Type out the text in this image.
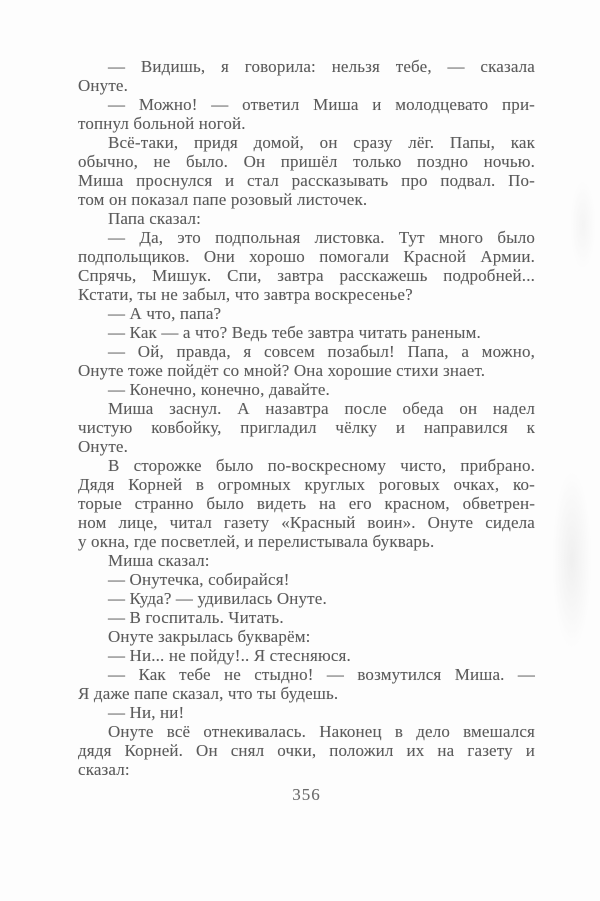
— Видишь, я говорила: нельзя тебе, — сказала
Онуте.
— Можно! — ответил Миша и молодцевато при-
топнул больной ногой.
Всё-таки, придя домой, он сразу лёг. Папы, как
обычно, не было. Он пришёл только поздно ночью.
Миша проснулся и стал рассказывать про подвал. По-
том он показал папе розовый листочек.
Папа сказал:
— Да, это подпольная листовка. Тут много было
подпольщиков. Они хорошо помогали Красной Армии.
Спрячь, Мишук. Спи, завтра расскажешь подробней...
Кстати, ты не забыл, что завтра воскресенье?
— А что, папа?
— Как — а что? Ведь тебе завтра читать раненым.
— Ой, правда, я совсем позабыл! Папа, а можно,
Онуте тоже пойдёт со мной? Она хорошие стихи знает.
— Конечно, конечно, давайте.
Миша заснул. А назавтра после обеда он надел
чистую ковбойку, пригладил чёлку и направился к
Онуте.
В сторожке было по-воскресному чисто, прибрано.
Дядя Корней в огромных круглых роговых очках, ко-
торые странно было видеть на его красном, обветрен-
ном лице, читал газету «Красный воин». Онуте сидела
у окна, где посветлей, и перелистывала букварь.
Миша сказал:
— Онутечка, собирайся!
— Куда? — удивилась Онуте.
— В госпиталь. Читать.
Онуте закрылась букварём:
— Ни... не пойду!.. Я стесняюся.
— Как тебе не стыдно! — возмутился Миша. —
Я даже папе сказал, что ты будешь.
— Ни, ни!
Онуте всё отнекивалась. Наконец в дело вмешался
дядя Корней. Он снял очки, положил их на газету и
сказал:
356
